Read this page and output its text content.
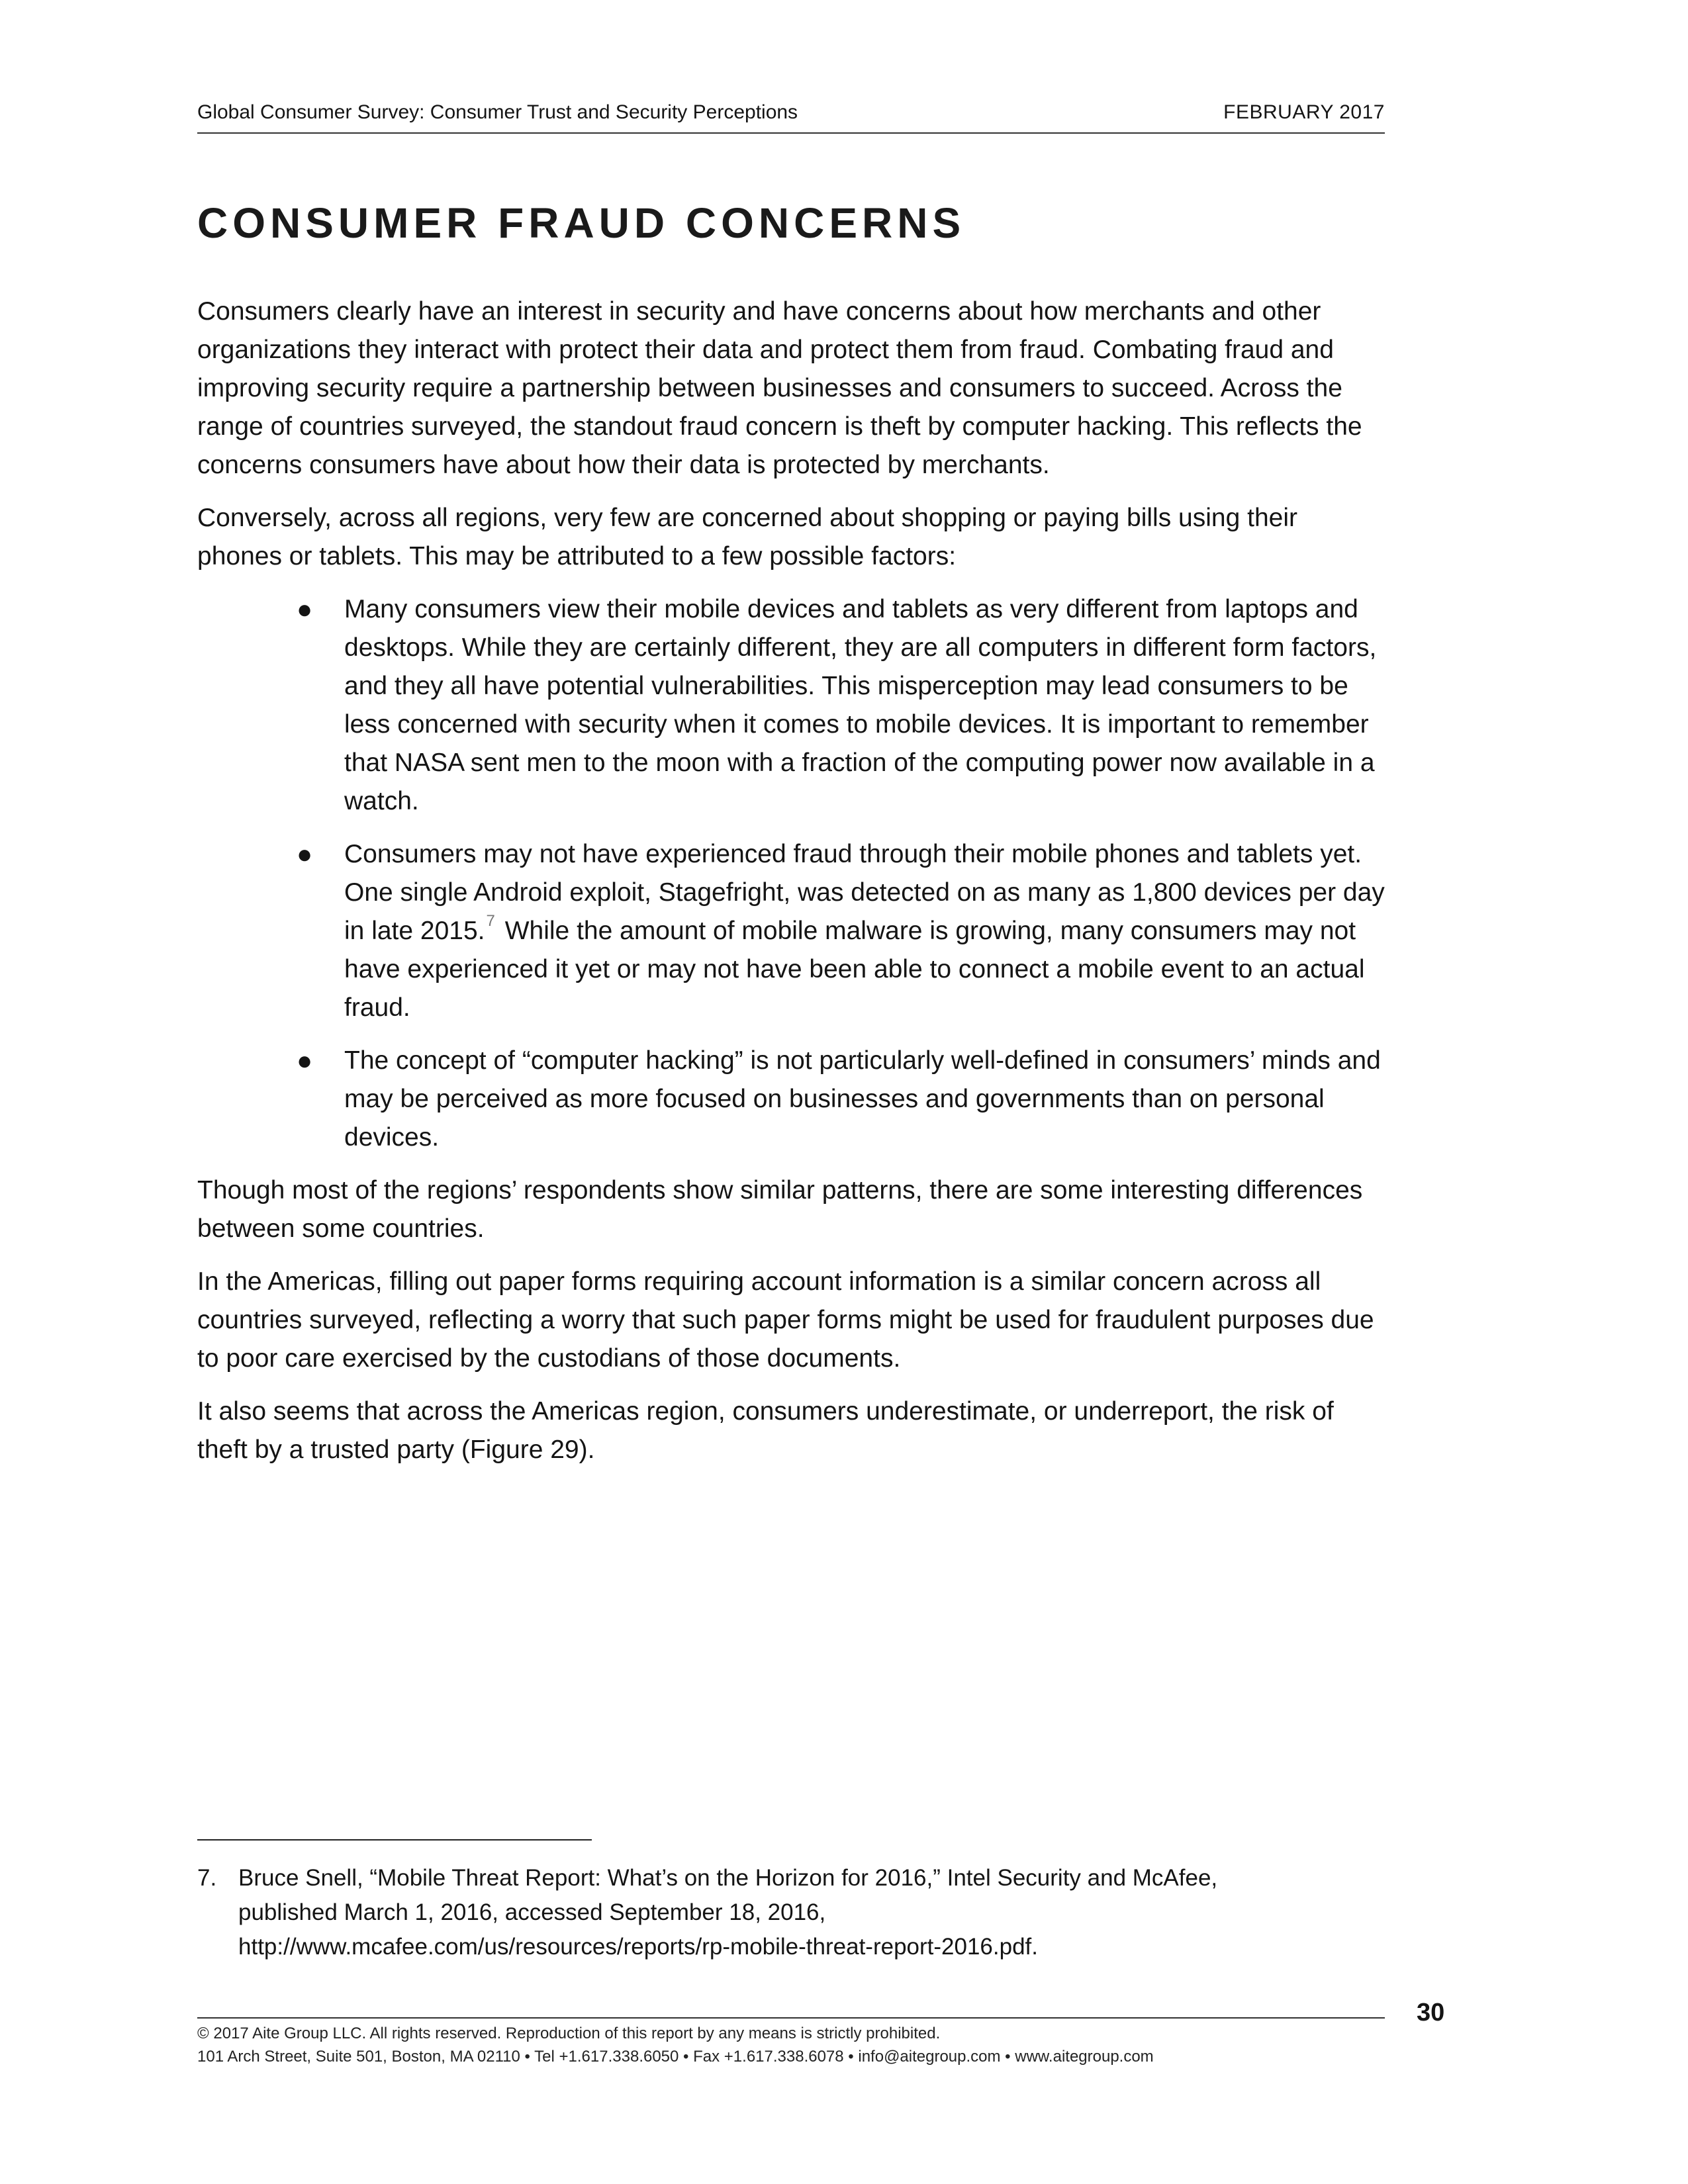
Global Consumer Survey: Consumer Trust and Security Perceptions	FEBRUARY 2017
CONSUMER FRAUD CONCERNS

Consumers clearly have an interest in security and have concerns about how merchants and other organizations they interact with protect their data and protect them from fraud. Combating fraud and improving security require a partnership between businesses and consumers to succeed. Across the range of countries surveyed, the standout fraud concern is theft by computer hacking. This reflects the concerns consumers have about how their data is protected by merchants.

Conversely, across all regions, very few are concerned about shopping or paying bills using their phones or tablets. This may be attributed to a few possible factors:

● Many consumers view their mobile devices and tablets as very different from laptops and desktops. While they are certainly different, they are all computers in different form factors, and they all have potential vulnerabilities. This misperception may lead consumers to be less concerned with security when it comes to mobile devices. It is important to remember that NASA sent men to the moon with a fraction of the computing power now available in a watch.
● Consumers may not have experienced fraud through their mobile phones and tablets yet. One single Android exploit, Stagefright, was detected on as many as 1,800 devices per day in late 2015.$^7$ While the amount of mobile malware is growing, many consumers may not have experienced it yet or may not have been able to connect a mobile event to an actual fraud.
● The concept of “computer hacking” is not particularly well-defined in consumers’ minds and may be perceived as more focused on businesses and governments than on personal devices.

Though most of the regions’ respondents show similar patterns, there are some interesting differences between some countries.

In the Americas, filling out paper forms requiring account information is a similar concern across all countries surveyed, reflecting a worry that such paper forms might be used for fraudulent purposes due to poor care exercised by the custodians of those documents.

It also seems that across the Americas region, consumers underestimate, or underreport, the risk of theft by a trusted party (Figure 29).

7. Bruce Snell, “Mobile Threat Report: What’s on the Horizon for 2016,” Intel Security and McAfee,
published March 1, 2016, accessed September 18, 2016,
http://www.mcafee.com/us/resources/reports/rp-mobile-threat-report-2016.pdf.
30
© 2017 Aite Group LLC. All rights reserved. Reproduction of this report by any means is strictly prohibited.
101 Arch Street, Suite 501, Boston, MA 02110 • Tel +1.617.338.6050 • Fax +1.617.338.6078 • info@aitegroup.com • www.aitegroup.com
